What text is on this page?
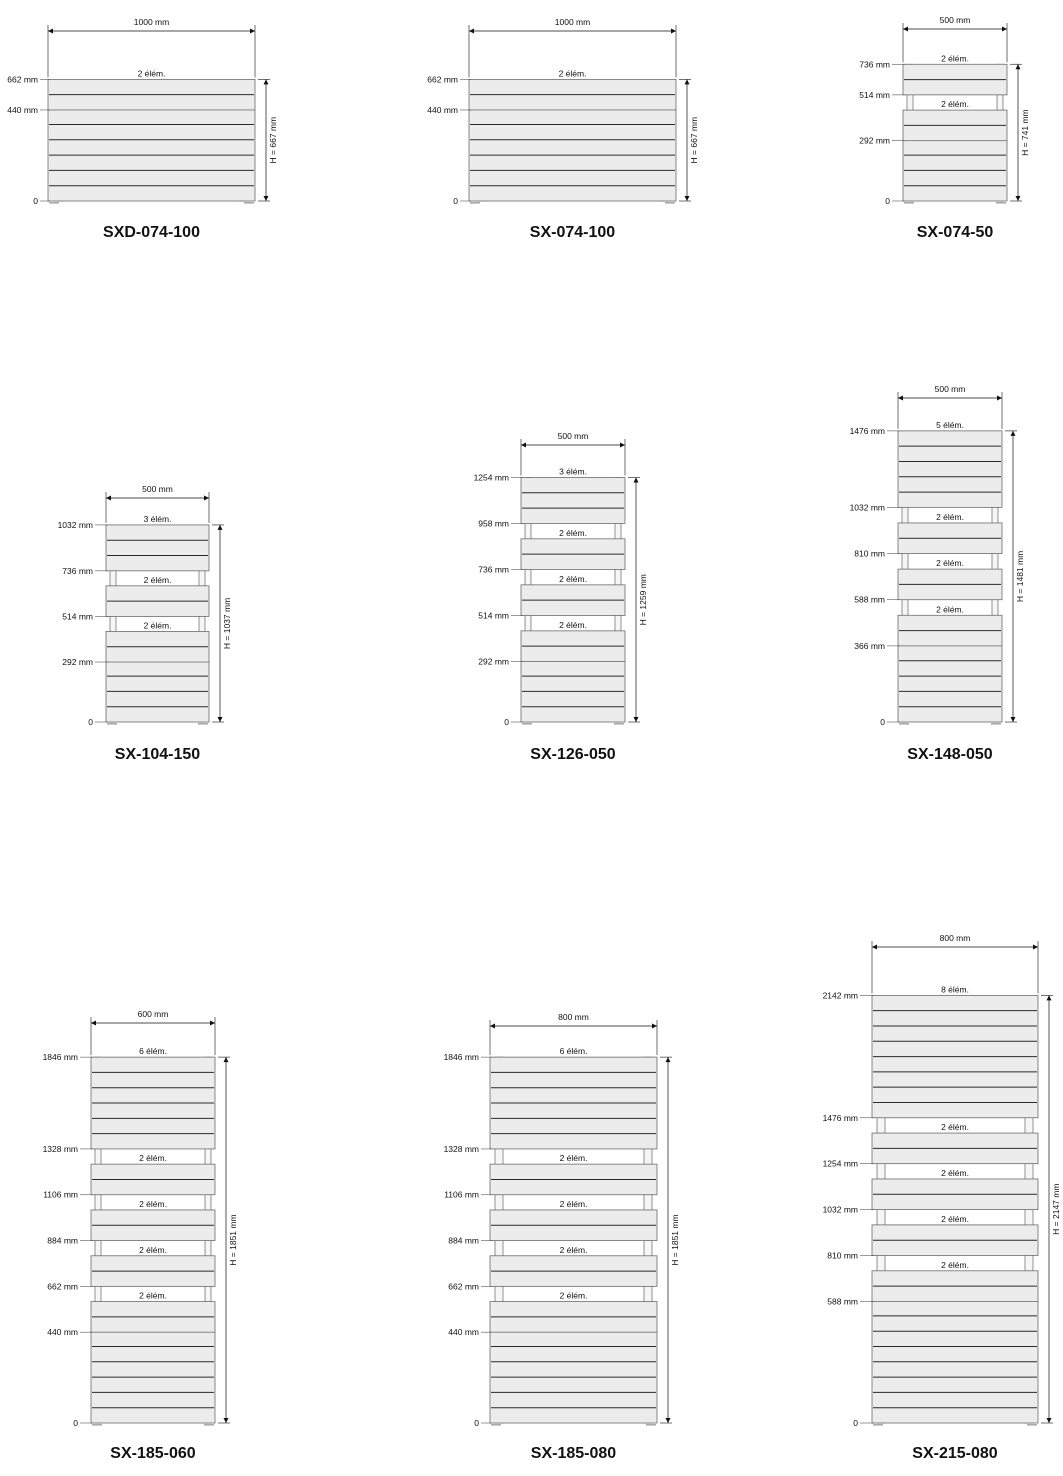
0
2 élém.
440 mm
662 mm
1000 mm
H = 667 mm
SXD-074-100
0
2 élém.
440 mm
662 mm
1000 mm
H = 667 mm
SX-074-100
0
2 élém.
292 mm
2 élém.
514 mm
736 mm
500 mm
H = 741 mm
SX-074-50
0
2 élém.
292 mm
2 élém.
514 mm
3 élém.
736 mm
1032 mm
500 mm
H = 1037 mm
SX-104-150
0
2 élém.
292 mm
2 élém.
514 mm
2 élém.
736 mm
3 élém.
958 mm
1254 mm
500 mm
H = 1259 mm
SX-126-050
0
2 élém.
366 mm
2 élém.
588 mm
2 élém.
810 mm
5 élém.
1032 mm
1476 mm
500 mm
H = 1481 mm
SX-148-050
0
2 élém.
440 mm
2 élém.
662 mm
2 élém.
884 mm
2 élém.
1106 mm
6 élém.
1328 mm
1846 mm
600 mm
H = 1851 mm
SX-185-060
0
2 élém.
440 mm
2 élém.
662 mm
2 élém.
884 mm
2 élém.
1106 mm
6 élém.
1328 mm
1846 mm
800 mm
H = 1851 mm
SX-185-080
0
2 élém.
588 mm
2 élém.
810 mm
2 élém.
1032 mm
2 élém.
1254 mm
8 élém.
1476 mm
2142 mm
800 mm
H = 2147 mm
SX-215-080
